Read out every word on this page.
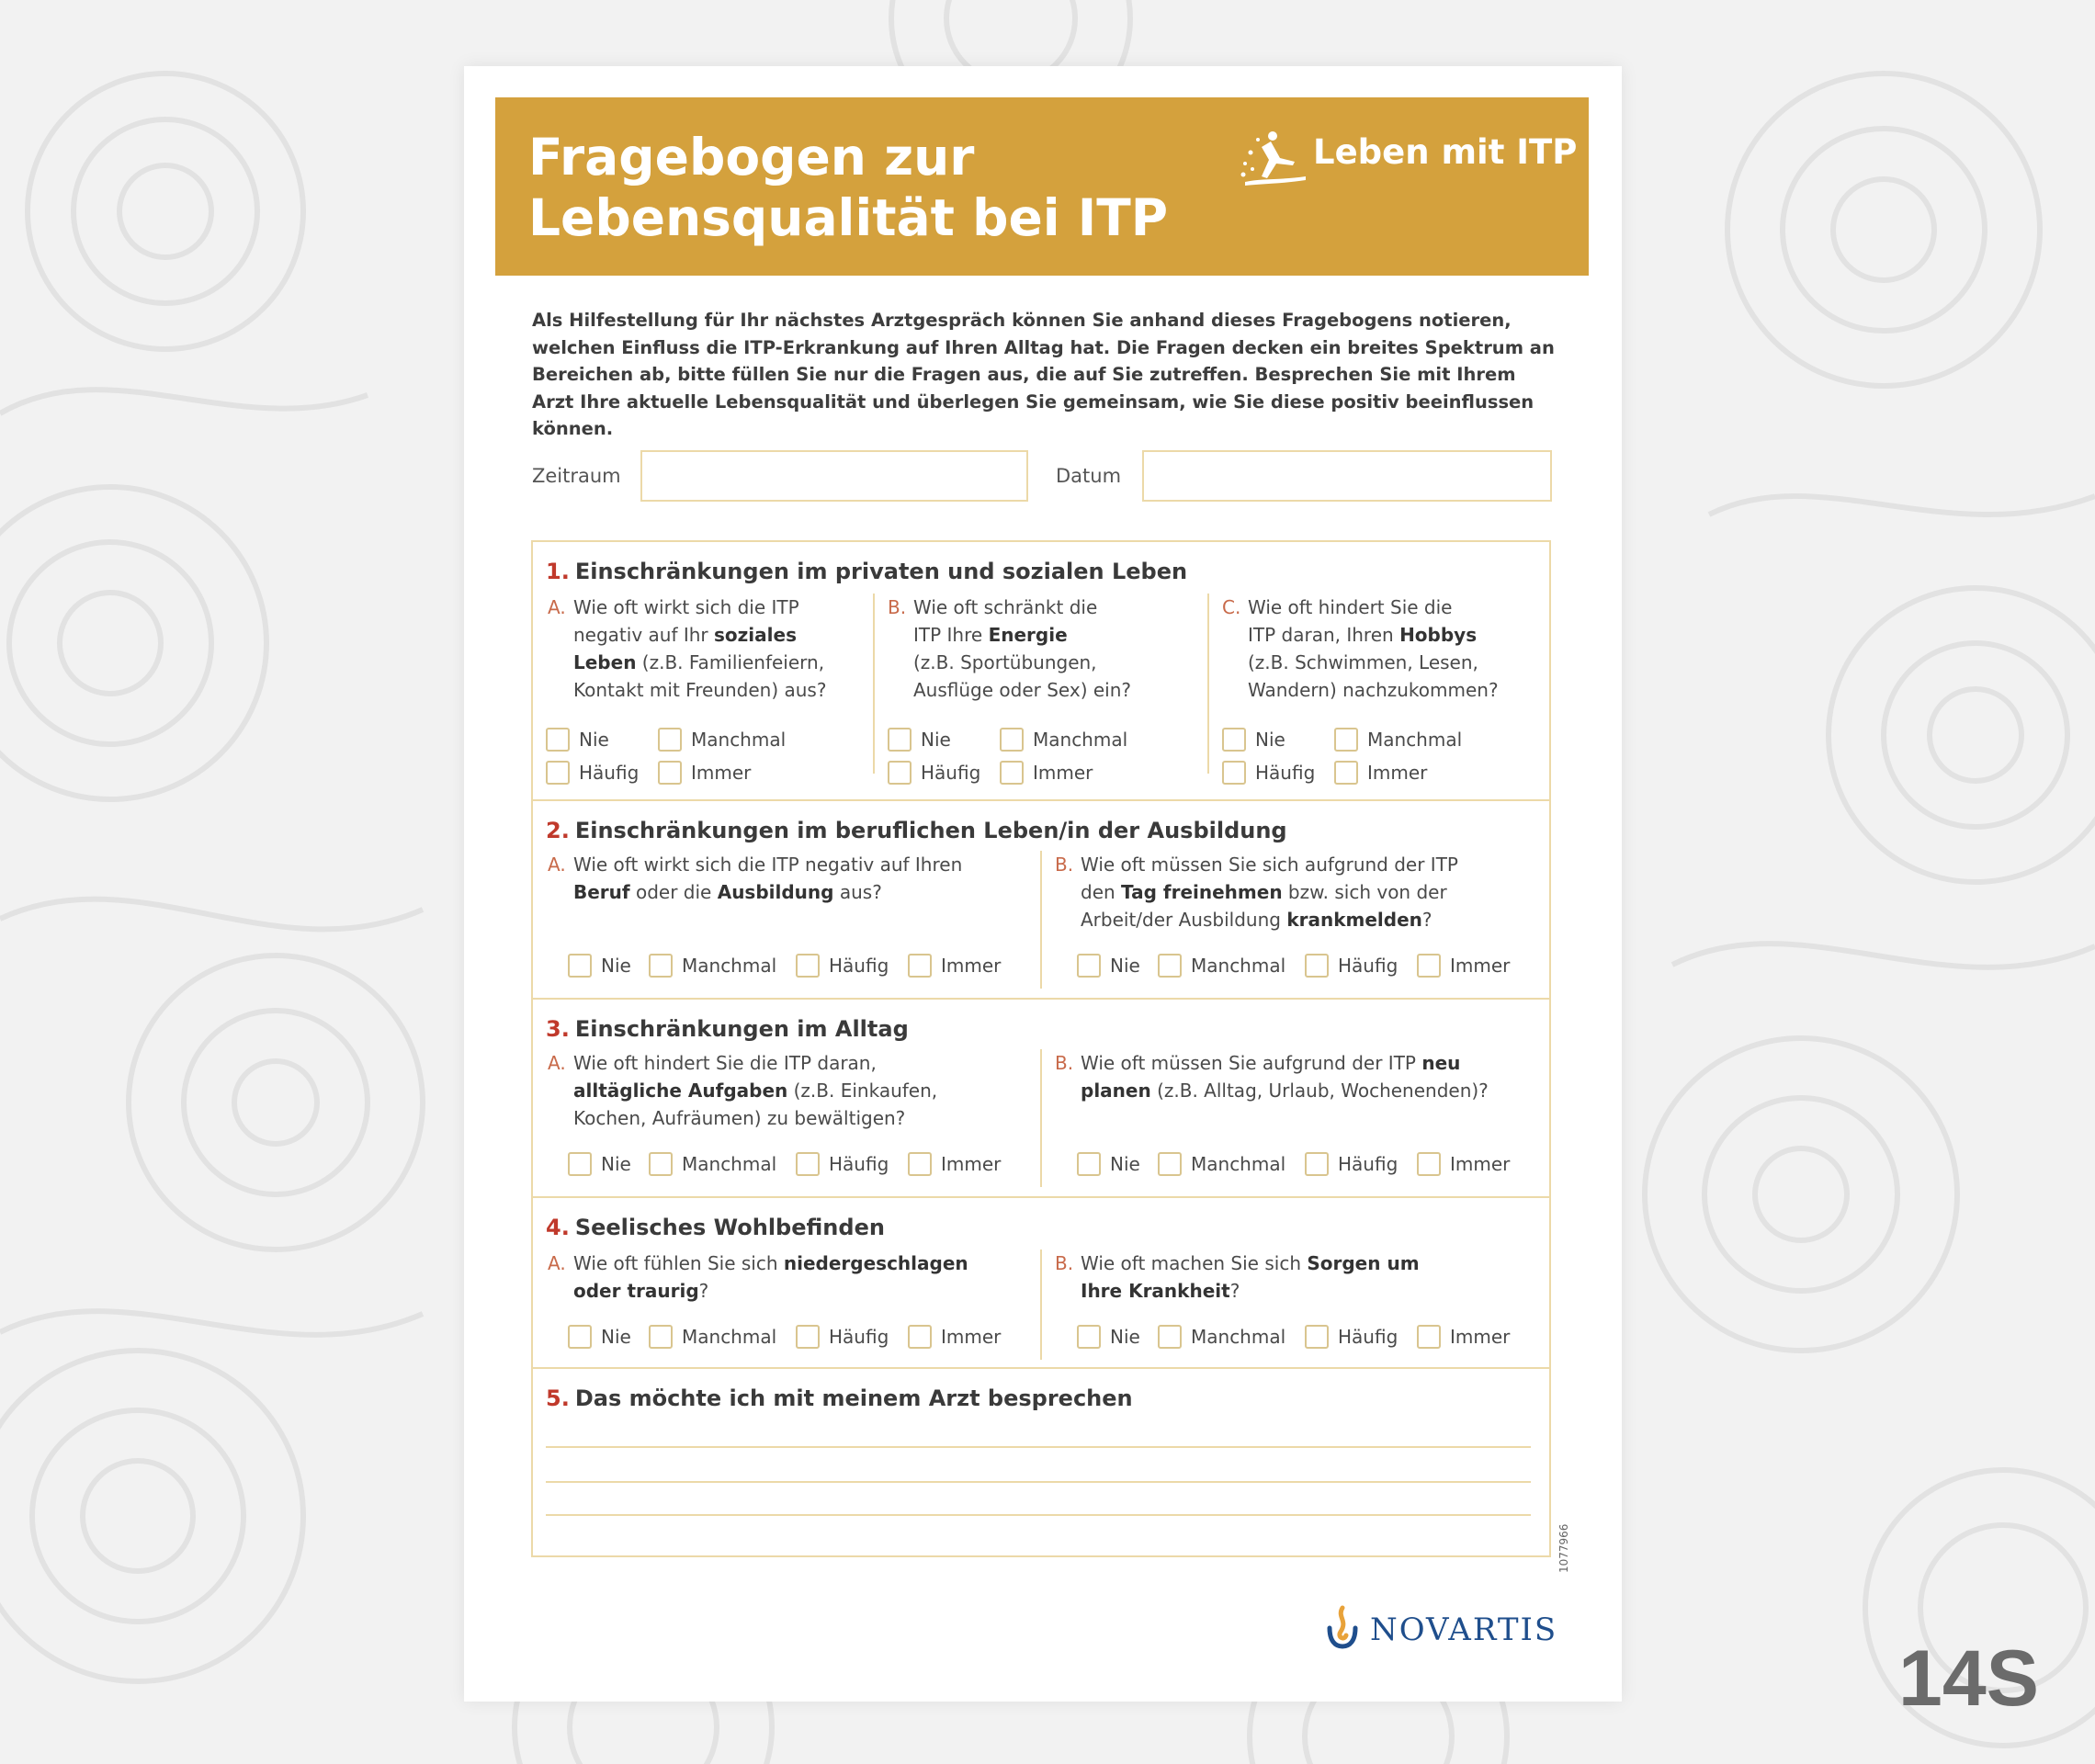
Fragebogen zur
Lebensqualität bei ITP
Leben mit ITP

Als Hilfestellung für Ihr nächstes Arztgespräch können Sie anhand dieses Fragebogens notieren, welchen Einfluss die ITP-Erkrankung auf Ihren Alltag hat. Die Fragen decken ein breites Spektrum an Bereichen ab, bitte füllen Sie nur die Fragen aus, die auf Sie zutreffen. Besprechen Sie mit Ihrem Arzt Ihre aktuelle Lebensqualität und überlegen Sie gemeinsam, wie Sie diese positiv beeinflussen können.

Zeitraum	Datum
1. Einschränkungen im privaten und sozialen Leben
A. Wie oft wirkt sich die ITP
negativ auf Ihr soziales
Leben (z.B. Familienfeiern,
Kontakt mit Freunden) aus?
B. Wie oft schränkt die
ITP Ihre Energie
(z.B. Sportübungen,
Ausflüge oder Sex) ein?
C. Wie oft hindert Sie die
ITP daran, Ihren Hobbys
(z.B. Schwimmen, Lesen,
Wandern) nachzukommen?
Nie	Manchmal
Häufig	Immer
Nie	Manchmal
Häufig	Immer
Nie	Manchmal
Häufig	Immer
2. Einschränkungen im beruflichen Leben/in der Ausbildung
A. Wie oft wirkt sich die ITP negativ auf Ihren
Beruf oder die Ausbildung aus?
B. Wie oft müssen Sie sich aufgrund der ITP
den Tag freinehmen bzw. sich von der
Arbeit/der Ausbildung krankmelden?
Nie	Manchmal	Häufig	Immer	Nie	Manchmal	Häufig	Immer
3. Einschränkungen im Alltag
A. Wie oft hindert Sie die ITP daran,
alltägliche Aufgaben (z.B. Einkaufen,
Kochen, Aufräumen) zu bewältigen?
B. Wie oft müssen Sie aufgrund der ITP neu
planen (z.B. Alltag, Urlaub, Wochenenden)?
Nie	Manchmal	Häufig	Immer	Nie	Manchmal	Häufig	Immer
4. Seelisches Wohlbefinden
A. Wie oft fühlen Sie sich niedergeschlagen
oder traurig?
B. Wie oft machen Sie sich Sorgen um
Ihre Krankheit?
Nie	Manchmal	Häufig	Immer	Nie	Manchmal	Häufig	Immer
5. Das möchte ich mit meinem Arzt besprechen
1077966
NOVARTIS
14S
